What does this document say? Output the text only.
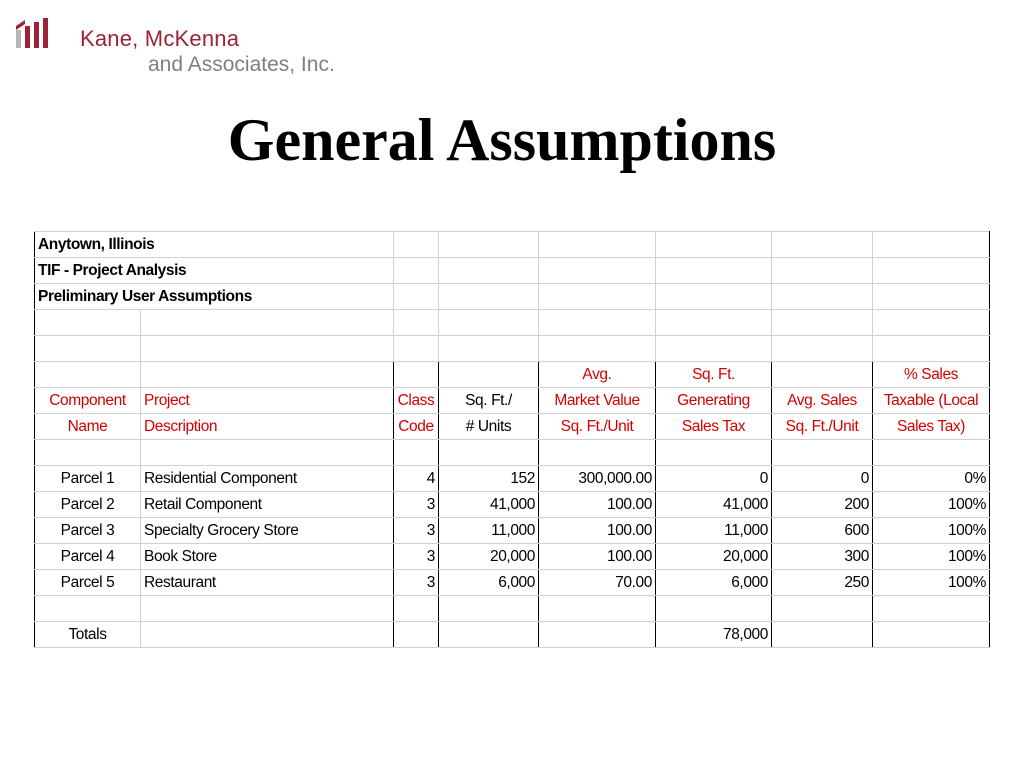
Kane, McKenna
and Associates, Inc.
General Assumptions
Anytown, Illinois							
TIF - Project Analysis							
Preliminary User Assumptions							

				Avg.	Sq. Ft.		% Sales
Component	Project	Class	Sq. Ft./	Market Value	Generating	Avg. Sales	Taxable (Local
Name	Description	Code	# Units	Sq. Ft./Unit	Sales Tax	Sq. Ft./Unit	Sales Tax)

Parcel 1	Residential Component	4	152	300,000.00	0	0	0%
Parcel 2	Retail Component	3	41,000	100.00	41,000	200	100%
Parcel 3	Specialty Grocery Store	3	11,000	100.00	11,000	600	100%
Parcel 4	Book Store	3	20,000	100.00	20,000	300	100%
Parcel 5	Restaurant	3	6,000	70.00	6,000	250	100%

Totals					78,000		
